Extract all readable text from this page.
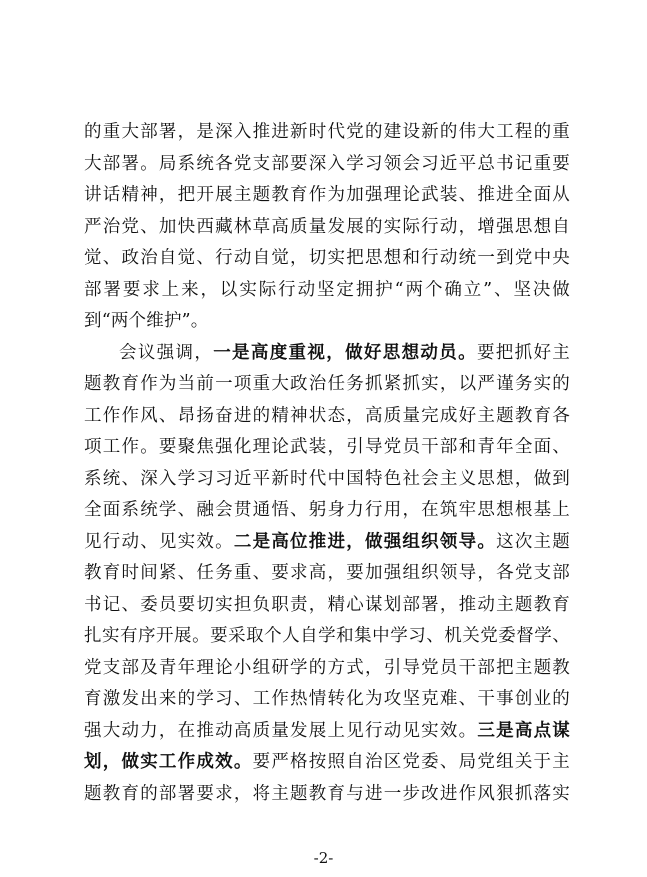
的重大部署，是深入推进新时代党的建设新的伟大工程的重
大部署。局系统各党支部要深入学习领会习近平总书记重要
讲话精神，把开展主题教育作为加强理论武装、推进全面从
严治党、加快西藏林草高质量发展的实际行动，增强思想自
觉、政治自觉、行动自觉，切实把思想和行动统一到党中央
部署要求上来，以实际行动坚定拥护“两个确立”、坚决做
到“两个维护”。
会议强调，一是高度重视，做好思想动员。要把抓好主
题教育作为当前一项重大政治任务抓紧抓实，以严谨务实的
工作作风、昂扬奋进的精神状态，高质量完成好主题教育各
项工作。要聚焦强化理论武装，引导党员干部和青年全面、
系统、深入学习习近平新时代中国特色社会主义思想，做到
全面系统学、融会贯通悟、躬身力行用，在筑牢思想根基上
见行动、见实效。二是高位推进，做强组织领导。这次主题
教育时间紧、任务重、要求高，要加强组织领导，各党支部
书记、委员要切实担负职责，精心谋划部署，推动主题教育
扎实有序开展。要采取个人自学和集中学习、机关党委督学、
党支部及青年理论小组研学的方式，引导党员干部把主题教
育激发出来的学习、工作热情转化为攻坚克难、干事创业的
强大动力，在推动高质量发展上见行动见实效。三是高点谋
划，做实工作成效。要严格按照自治区党委、局党组关于主
题教育的部署要求，将主题教育与进一步改进作风狠抓落实
-2-
